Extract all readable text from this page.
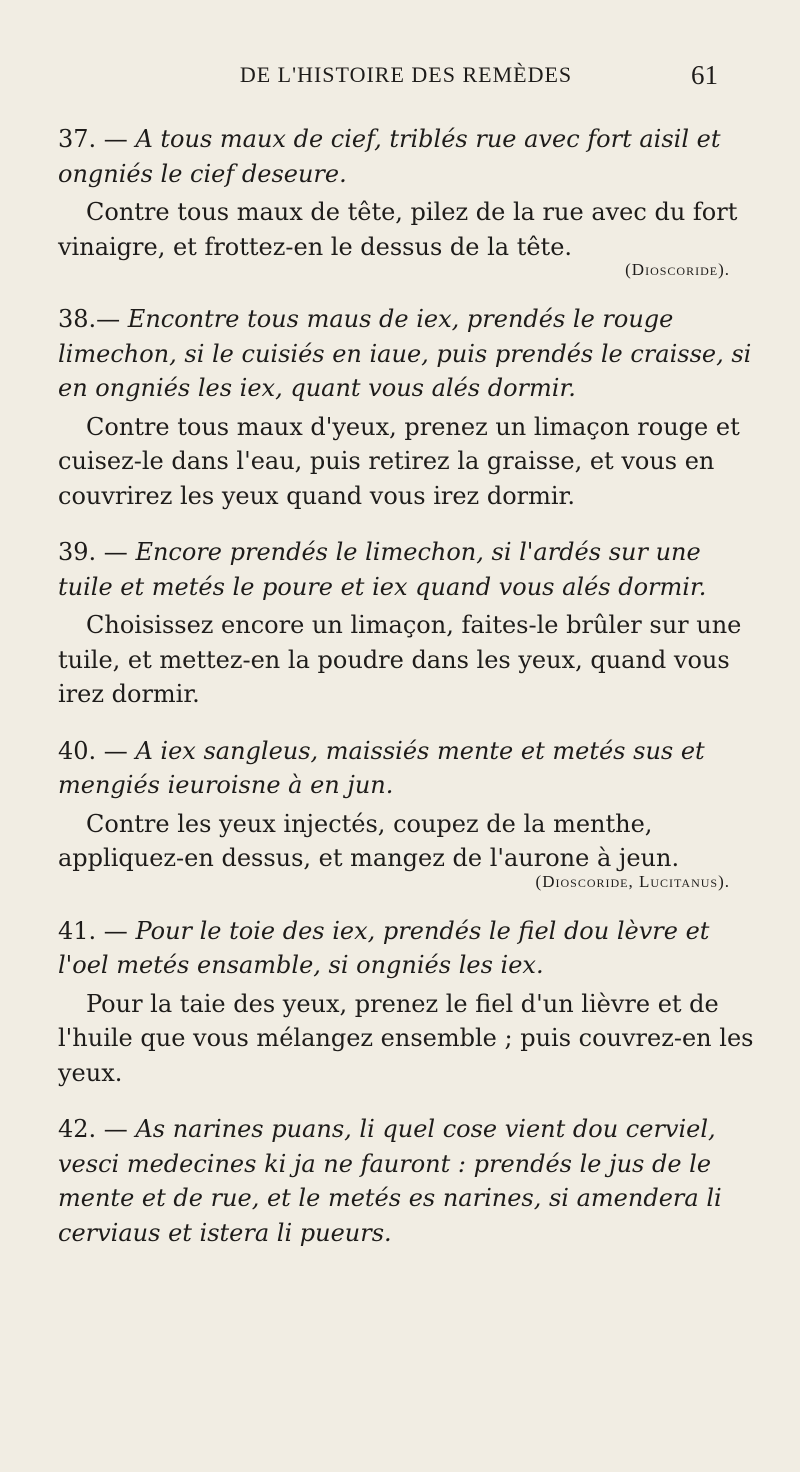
DE L'HISTOIRE DES REMÈDES	61

37. — A tous maux de cief, triblés rue avec fort aisil et ongniés le cief deseure.

Contre tous maux de tête, pilez de la rue avec du fort vinaigre, et frottez-en le dessus de la tête.

(Dioscoride).

38.— Encontre tous maus de iex, prendés le rouge limechon, si le cuisiés en iaue, puis prendés le craisse, si en ongniés les iex, quant vous alés dormir.

Contre tous maux d'yeux, prenez un limaçon rouge et cuisez-le dans l'eau, puis retirez la graisse, et vous en couvrirez les yeux quand vous irez dormir.

39. — Encore prendés le limechon, si l'ardés sur une tuile et metés le poure et iex quand vous alés dormir.

Choisissez encore un limaçon, faites-le brûler sur une tuile, et mettez-en la poudre dans les yeux, quand vous irez dormir.

40. — A iex sangleus, maissiés mente et metés sus et mengiés ieuroisne à en jun.

Contre les yeux injectés, coupez de la menthe, appliquez-en dessus, et mangez de l'aurone à jeun.

(Dioscoride, Lucitanus).

41. — Pour le toie des iex, prendés le fiel dou lèvre et l'oel metés ensamble, si ongniés les iex.

Pour la taie des yeux, prenez le fiel d'un lièvre et de l'huile que vous mélangez ensemble ; puis couvrez-en les yeux.

42. — As narines puans, li quel cose vient dou cerviel, vesci medecines ki ja ne fauront : prendés le jus de le mente et de rue, et le metés es narines, si amendera li cerviaus et istera li pueurs.
